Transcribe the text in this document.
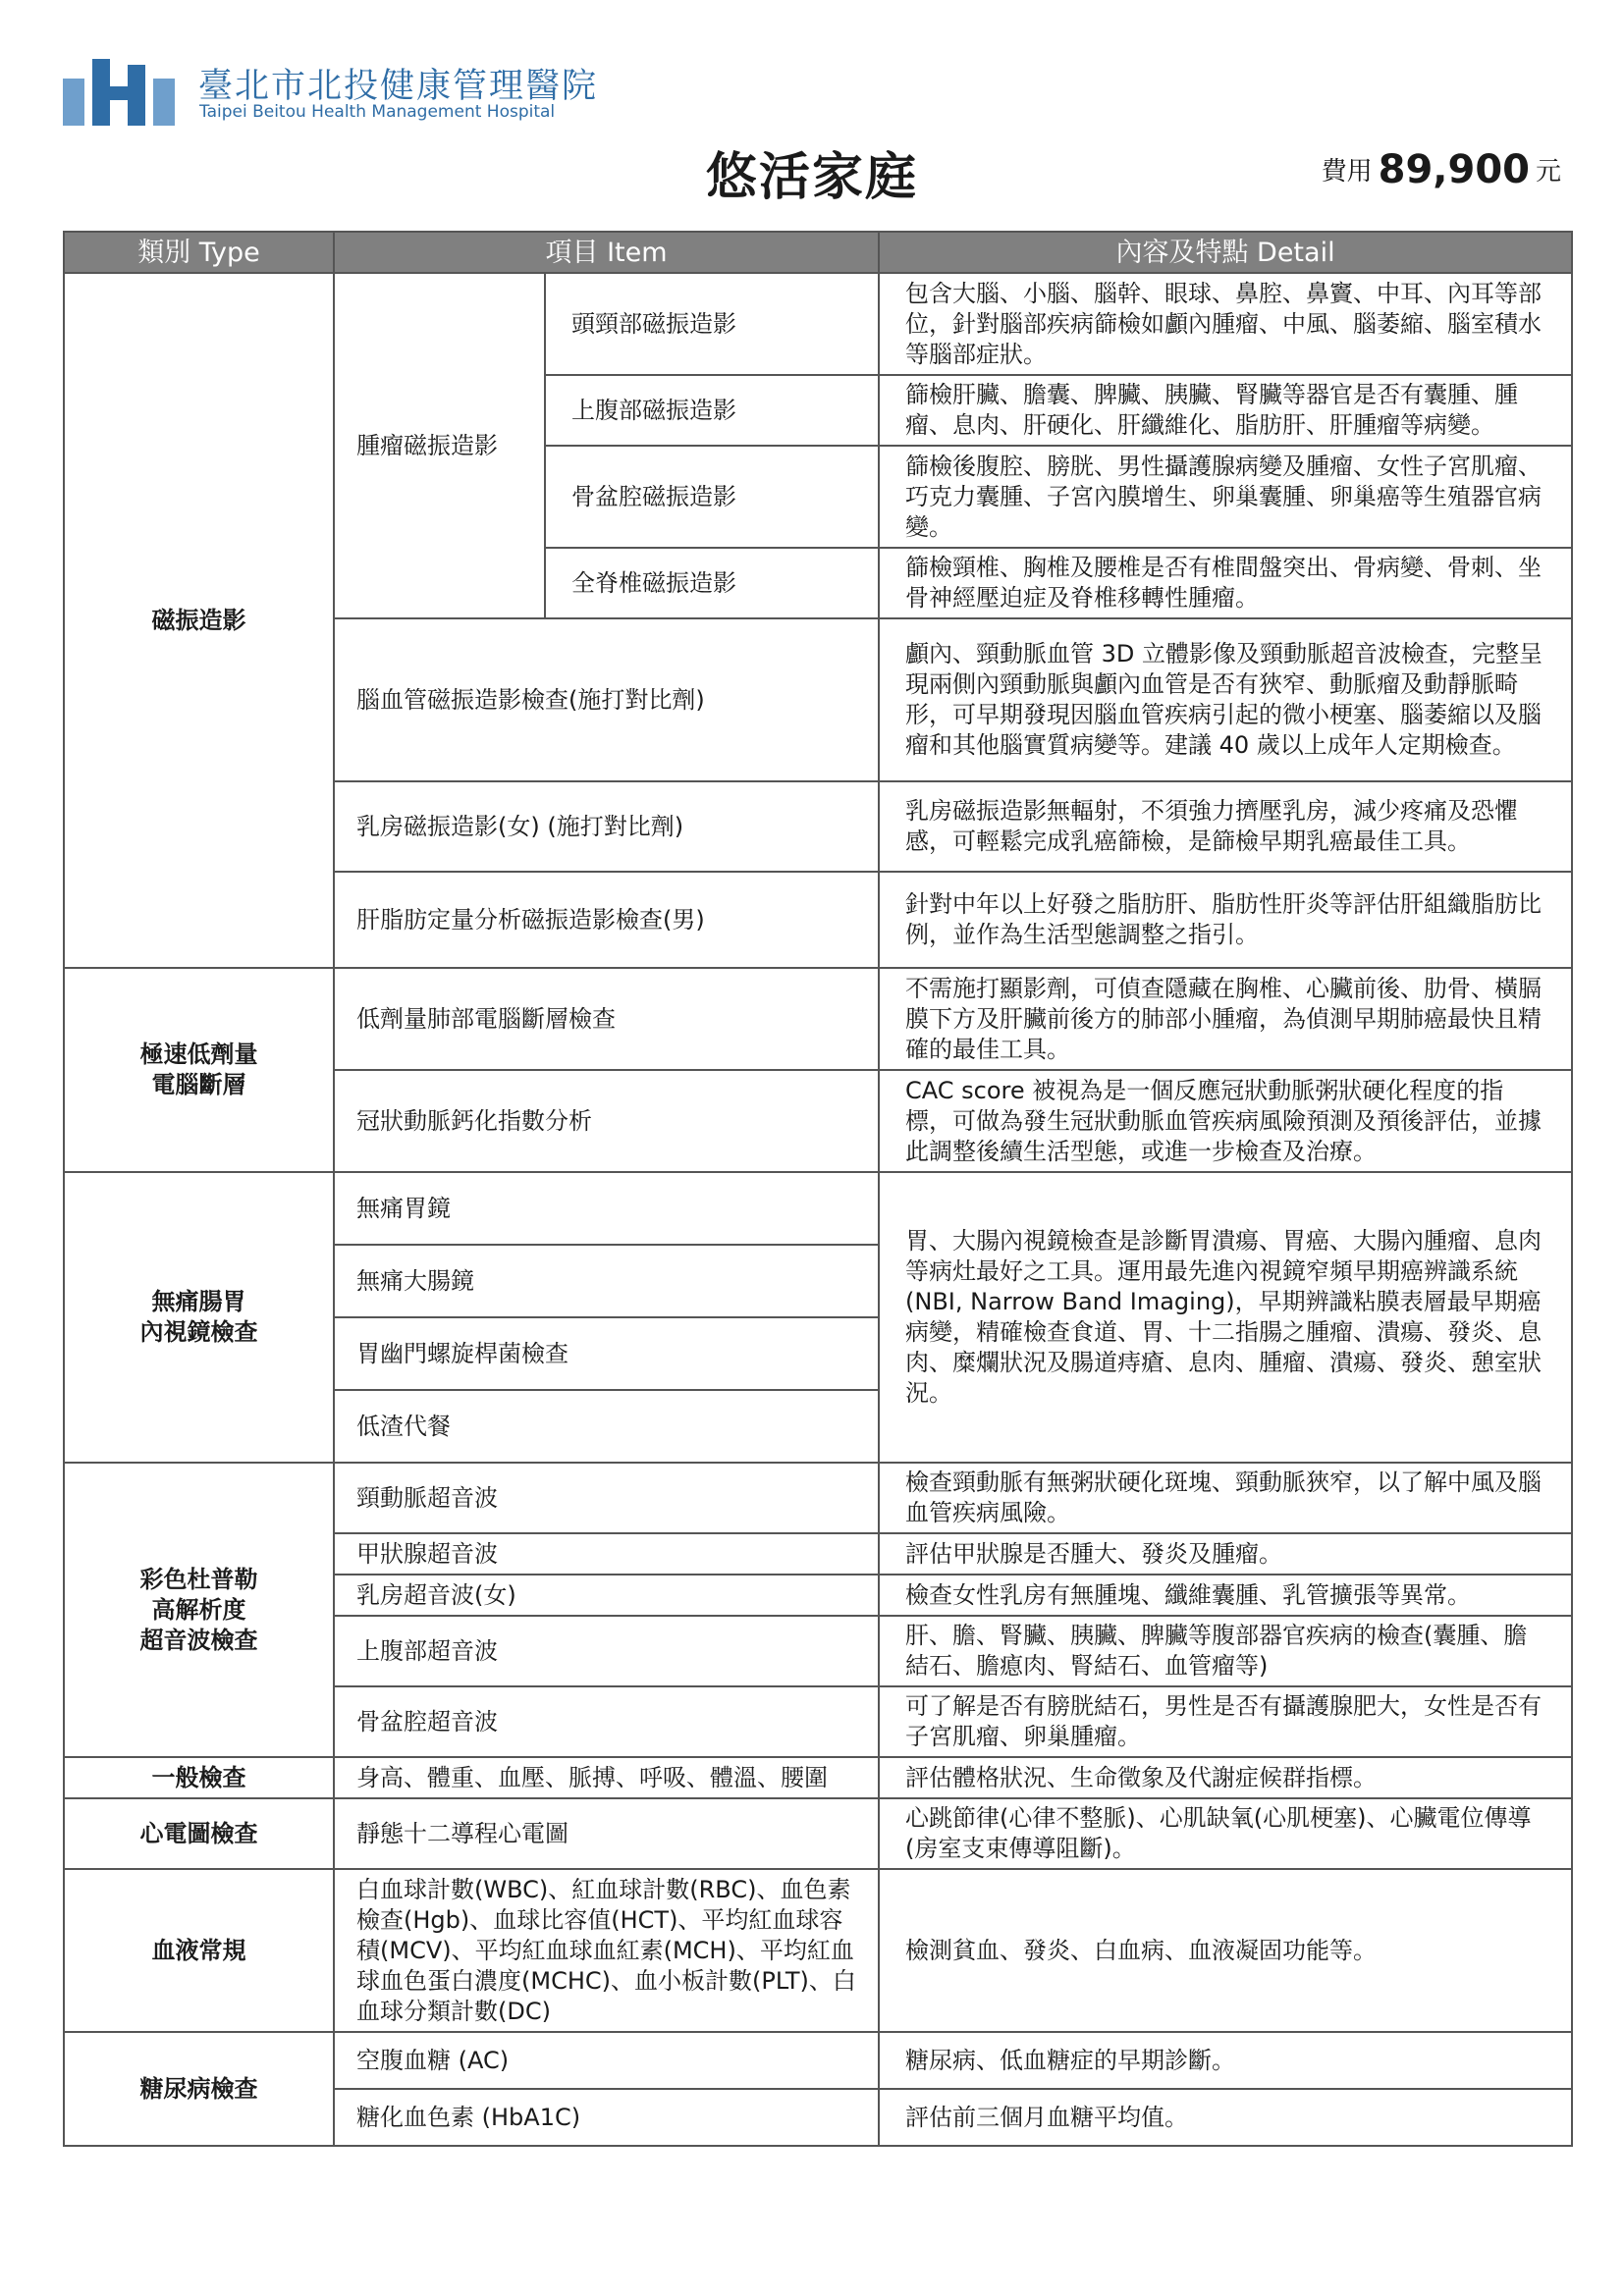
臺北市北投健康管理醫院
Taipei Beitou Health Management Hospital
悠活家庭	費用 89,900 元
類別 Type	項目 Item		內容及特點 Detail
磁振造影	腫瘤磁振造影	頭頸部磁振造影	包含大腦、小腦、腦幹、眼球、鼻腔、鼻竇、中耳、內耳等部位，針對腦部疾病篩檢如顱內腫瘤、中風、腦萎縮、腦室積水等腦部症狀。
		上腹部磁振造影	篩檢肝臟、膽囊、脾臟、胰臟、腎臟等器官是否有囊腫、腫瘤、息肉、肝硬化、肝纖維化、脂肪肝、肝腫瘤等病變。
		骨盆腔磁振造影	篩檢後腹腔、膀胱、男性攝護腺病變及腫瘤、女性子宮肌瘤、巧克力囊腫、子宮內膜增生、卵巢囊腫、卵巢癌等生殖器官病變。
		全脊椎磁振造影	篩檢頸椎、胸椎及腰椎是否有椎間盤突出、骨病變、骨刺、坐骨神經壓迫症及脊椎移轉性腫瘤。
	腦血管磁振造影檢查(施打對比劑)		顱內、頸動脈血管 3D 立體影像及頸動脈超音波檢查，完整呈現兩側內頸動脈與顱內血管是否有狹窄、動脈瘤及動靜脈畸形，可早期發現因腦血管疾病引起的微小梗塞、腦萎縮以及腦瘤和其他腦實質病變等。建議 40 歲以上成年人定期檢查。
	乳房磁振造影(女) (施打對比劑)		乳房磁振造影無輻射，不須強力擠壓乳房，減少疼痛及恐懼感，可輕鬆完成乳癌篩檢，是篩檢早期乳癌最佳工具。
	肝脂肪定量分析磁振造影檢查(男)		針對中年以上好發之脂肪肝、脂肪性肝炎等評估肝組織脂肪比例，並作為生活型態調整之指引。

極速低劑量
電腦斷層	低劑量肺部電腦斷層檢查		不需施打顯影劑，可偵查隱藏在胸椎、心臟前後、肋骨、橫膈膜下方及肝臟前後方的肺部小腫瘤，為偵測早期肺癌最快且精確的最佳工具。
	冠狀動脈鈣化指數分析		CAC score 被視為是一個反應冠狀動脈粥狀硬化程度的指標，可做為發生冠狀動脈血管疾病風險預測及預後評估，並據此調整後續生活型態，或進一步檢查及治療。

無痛腸胃
內視鏡檢查	無痛胃鏡		胃、大腸內視鏡檢查是診斷胃潰瘍、胃癌、大腸內腫瘤、息肉等病灶最好之工具。運用最先進內視鏡窄頻早期癌辨識系統(NBI, Narrow Band Imaging)，早期辨識粘膜表層最早期癌病變，精確檢查食道、胃、十二指腸之腫瘤、潰瘍、發炎、息肉、糜爛狀況及腸道痔瘡、息肉、腫瘤、潰瘍、發炎、憩室狀況。
	無痛大腸鏡		
	胃幽門螺旋桿菌檢查		
	低渣代餐		

彩色杜普勒
高解析度
超音波檢查	頸動脈超音波		檢查頸動脈有無粥狀硬化斑塊、頸動脈狹窄，以了解中風及腦血管疾病風險。
	甲狀腺超音波		評估甲狀腺是否腫大、發炎及腫瘤。
	乳房超音波(女)		檢查女性乳房有無腫塊、纖維囊腫、乳管擴張等異常。
	上腹部超音波		肝、膽、腎臟、胰臟、脾臟等腹部器官疾病的檢查(囊腫、膽結石、膽瘜肉、腎結石、血管瘤等)
	骨盆腔超音波		可了解是否有膀胱結石，男性是否有攝護腺肥大，女性是否有子宮肌瘤、卵巢腫瘤。
一般檢查	身高、體重、血壓、脈搏、呼吸、體溫、腰圍		評估體格狀況、生命徵象及代謝症候群指標。
心電圖檢查	靜態十二導程心電圖		心跳節律(心律不整脈)、心肌缺氧(心肌梗塞)、心臟電位傳導(房室支束傳導阻斷)。
血液常規	白血球計數(WBC)、紅血球計數(RBC)、血色素檢查(Hgb)、血球比容值(HCT)、平均紅血球容積(MCV)、平均紅血球血紅素(MCH)、平均紅血球血色蛋白濃度(MCHC)、血小板計數(PLT)、白血球分類計數(DC)		檢測貧血、發炎、白血病、血液凝固功能等。
糖尿病檢查	空腹血糖 (AC)		糖尿病、低血糖症的早期診斷。
	糖化血色素 (HbA1C)		評估前三個月血糖平均值。
